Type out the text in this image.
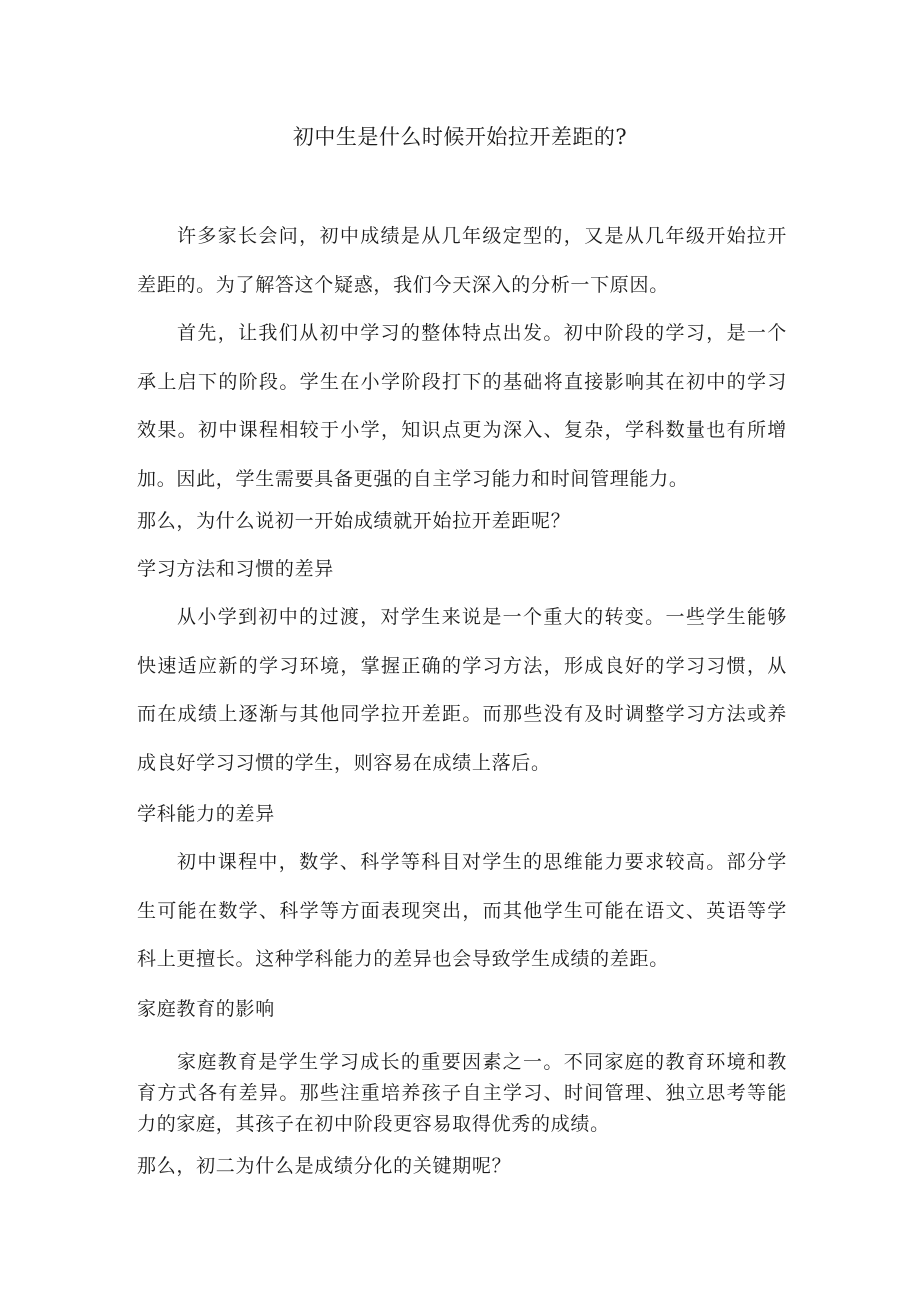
初中生是什么时候开始拉开差距的?

许多家长会问，初中成绩是从几年级定型的，又是从几年级开始拉开差距的。为了解答这个疑惑，我们今天深入的分析一下原因。

首先，让我们从初中学习的整体特点出发。初中阶段的学习，是一个承上启下的阶段。学生在小学阶段打下的基础将直接影响其在初中的学习效果。初中课程相较于小学，知识点更为深入、复杂，学科数量也有所增加。因此，学生需要具备更强的自主学习能力和时间管理能力。

那么，为什么说初一开始成绩就开始拉开差距呢？

学习方法和习惯的差异

从小学到初中的过渡，对学生来说是一个重大的转变。一些学生能够快速适应新的学习环境，掌握正确的学习方法，形成良好的学习习惯，从而在成绩上逐渐与其他同学拉开差距。而那些没有及时调整学习方法或养成良好学习习惯的学生，则容易在成绩上落后。

学科能力的差异

初中课程中，数学、科学等科目对学生的思维能力要求较高。部分学生可能在数学、科学等方面表现突出，而其他学生可能在语文、英语等学科上更擅长。这种学科能力的差异也会导致学生成绩的差距。

家庭教育的影响

家庭教育是学生学习成长的重要因素之一。不同家庭的教育环境和教育方式各有差异。那些注重培养孩子自主学习、时间管理、独立思考等能力的家庭，其孩子在初中阶段更容易取得优秀的成绩。

那么，初二为什么是成绩分化的关键期呢？
